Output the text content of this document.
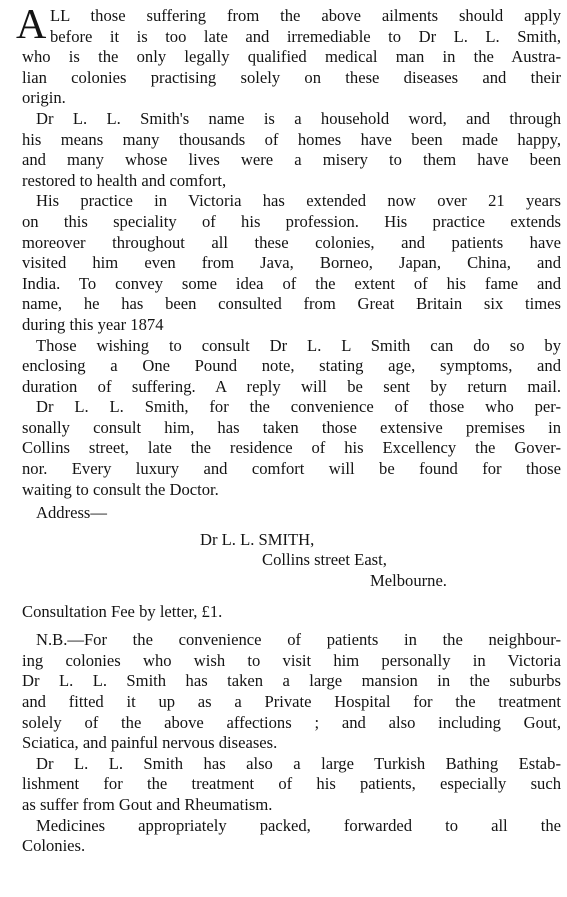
A LL those suffering from the above ailments should apply
before it is too late and irremediable to Dr L. L. Smith,
who is the only legally qualified medical man in the Austra-
lian colonies practising solely on these diseases and their
origin.
Dr L. L. Smith's name is a household word, and through
his means many thousands of homes have been made happy,
and many whose lives were a misery to them have been
restored to health and comfort,
His practice in Victoria has extended now over 21 years
on this speciality of his profession. His practice extends
moreover throughout all these colonies, and patients have
visited him even from Java, Borneo, Japan, China, and
India. To convey some idea of the extent of his fame and
name, he has been consulted from Great Britain six times
during this year 1874
Those wishing to consult Dr L. L Smith can do so by
enclosing a One Pound note, stating age, symptoms, and
duration of suffering. A reply will be sent by return mail.
Dr L. L. Smith, for the convenience of those who per-
sonally consult him, has taken those extensive premises in
Collins street, late the residence of his Excellency the Gover-
nor. Every luxury and comfort will be found for those
waiting to consult the Doctor.
Address—
Dr L. L. SMITH,
Collins street East,
Melbourne.
Consultation Fee by letter, £1.
N.B.—For the convenience of patients in the neighbour-
ing colonies who wish to visit him personally in Victoria
Dr L. L. Smith has taken a large mansion in the suburbs
and fitted it up as a Private Hospital for the treatment
solely of the above affections ; and also including Gout,
Sciatica, and painful nervous diseases.
Dr L. L. Smith has also a large Turkish Bathing Estab-
lishment for the treatment of his patients, especially such
as suffer from Gout and Rheumatism.
Medicines appropriately packed, forwarded to all the
Colonies.
